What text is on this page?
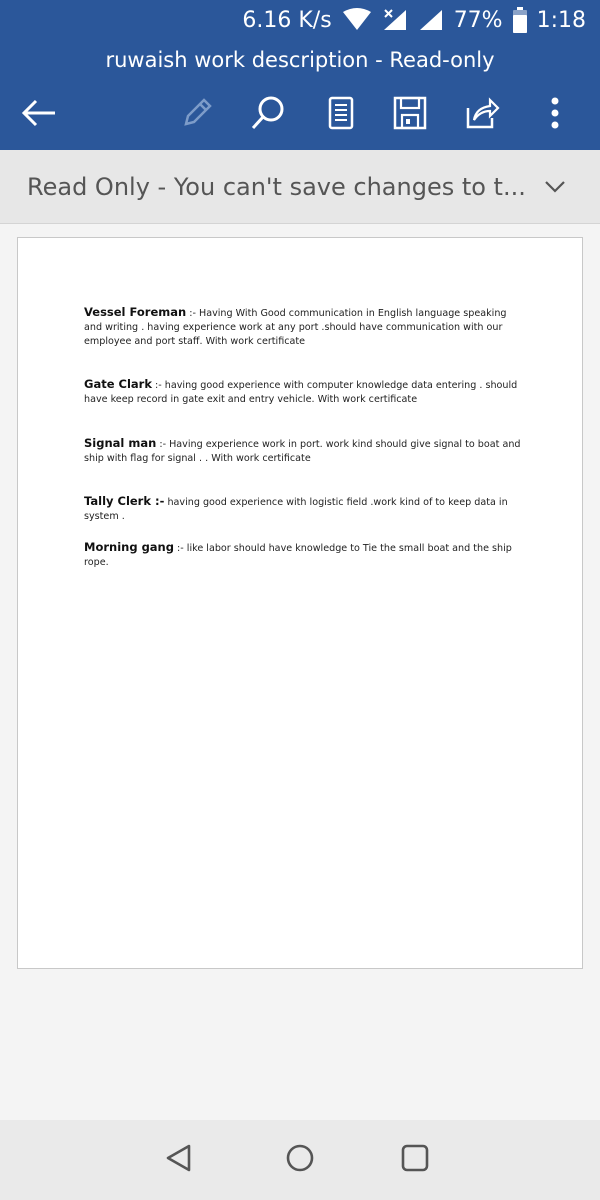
6.16 K/s	77% 1:18
ruwaish work description - Read-only
Read Only - You can't save changes to t...

Vessel Foreman :- Having With Good communication in English language speaking and writing . having experience work at any port .should have communication with our employee and port staff. With work certificate

Gate Clark :- having good experience with computer knowledge data entering . should have keep record in gate exit and entry vehicle. With work certificate

Signal man :- Having experience work in port. work kind should give signal to boat and ship with flag for signal . . With work certificate

Tally Clerk :- having good experience with logistic field .work kind of to keep data in system .

Morning gang :- like labor should have knowledge to Tie the small boat and the ship rope.
